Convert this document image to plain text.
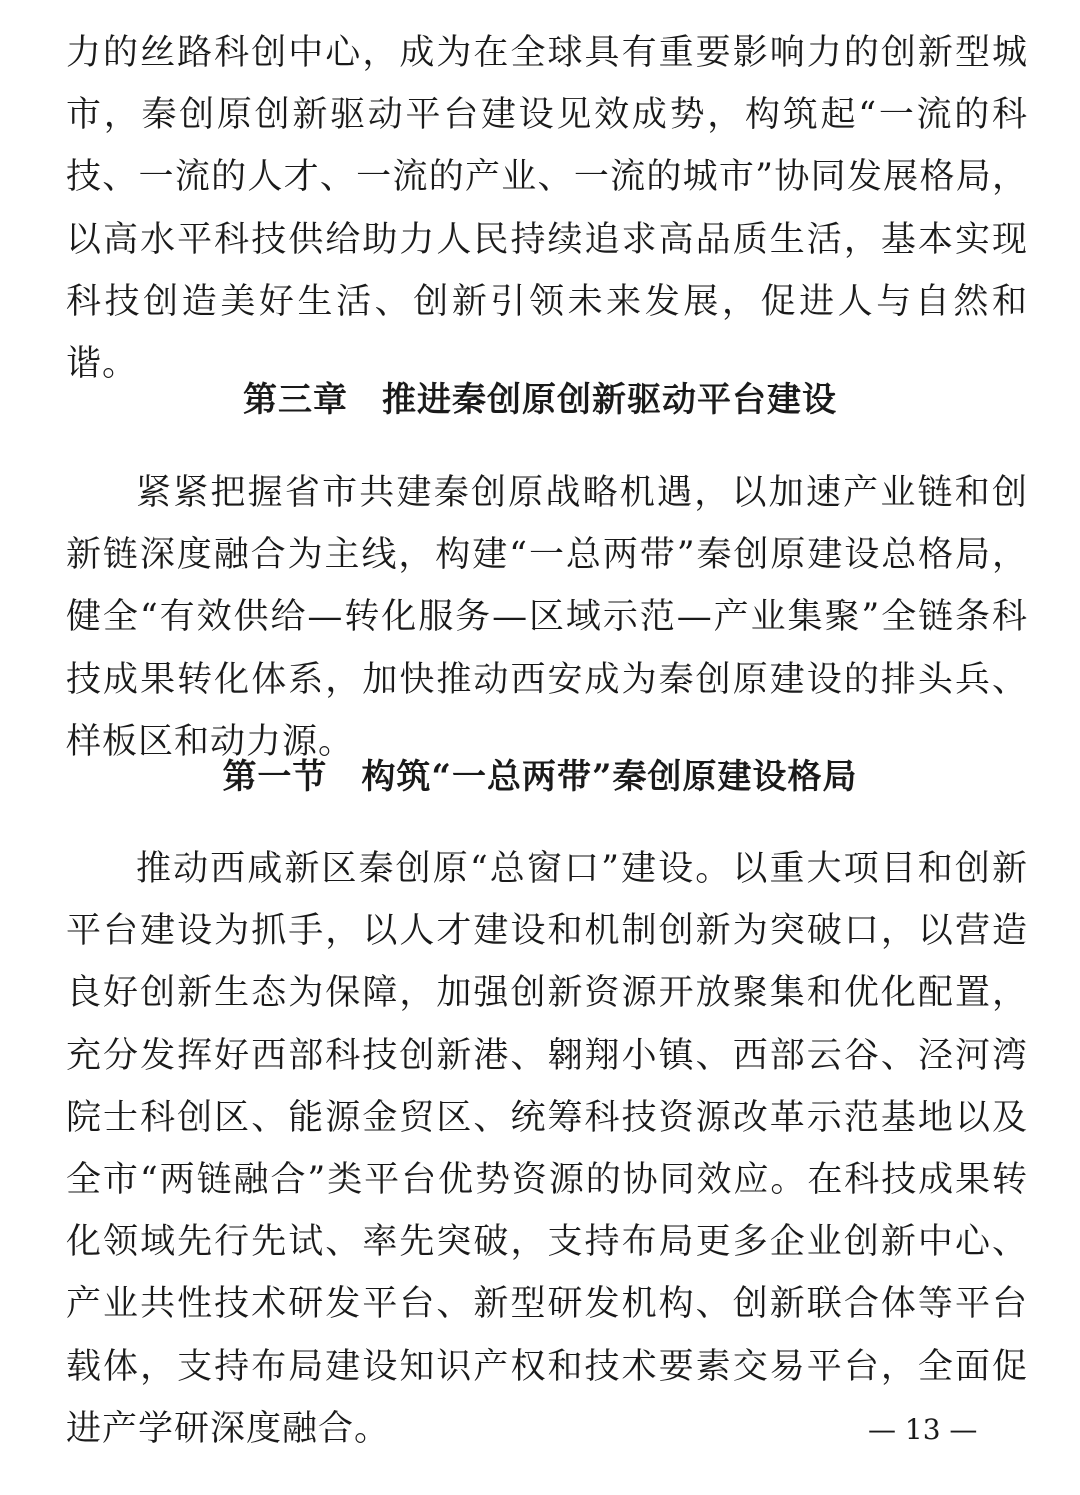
力的丝路科创中心，成为在全球具有重要影响力的创新型城市，秦创原创新驱动平台建设见效成势，构筑起“一流的科技、一流的人才、一流的产业、一流的城市”协同发展格局，以高水平科技供给助力人民持续追求高品质生活，基本实现科技创造美好生活、创新引领未来发展，促进人与自然和谐。

第三章 推进秦创原创新驱动平台建设

紧紧把握省市共建秦创原战略机遇，以加速产业链和创新链深度融合为主线，构建“一总两带”秦创原建设总格局，健全“有效供给—转化服务—区域示范—产业集聚”全链条科技成果转化体系，加快推动西安成为秦创原建设的排头兵、样板区和动力源。

第一节 构筑“一总两带”秦创原建设格局

推动西咸新区秦创原“总窗口”建设。以重大项目和创新平台建设为抓手，以人才建设和机制创新为突破口，以营造良好创新生态为保障，加强创新资源开放聚集和优化配置，充分发挥好西部科技创新港、翱翔小镇、西部云谷、泾河湾院士科创区、能源金贸区、统筹科技资源改革示范基地以及全市“两链融合”类平台优势资源的协同效应。在科技成果转化领域先行先试、率先突破，支持布局更多企业创新中心、产业共性技术研发平台、新型研发机构、创新联合体等平台载体，支持布局建设知识产权和技术要素交易平台，全面促进产学研深度融合。	— 13 —
